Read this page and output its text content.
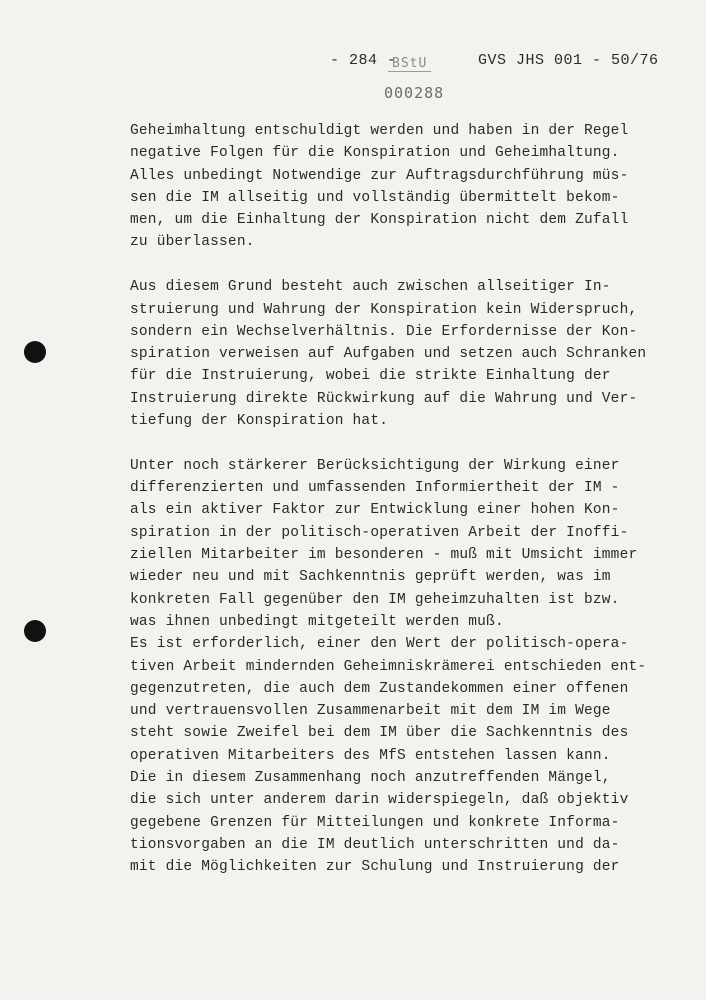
- 284 -
BStU
000288
GVS JHS 001 - 50/76
Geheimhaltung entschuldigt werden und haben in der Regel
negative Folgen für die Konspiration und Geheimhaltung.
Alles unbedingt Notwendige zur Auftragsdurchführung müs-
sen die IM allseitig und vollständig übermittelt bekom-
men, um die Einhaltung der Konspiration nicht dem Zufall
zu überlassen.
Aus diesem Grund besteht auch zwischen allseitiger In-
struierung und Wahrung der Konspiration kein Widerspruch,
sondern ein Wechselverhältnis. Die Erfordernisse der Kon-
spiration verweisen auf Aufgaben und setzen auch Schranken
für die Instruierung, wobei die strikte Einhaltung der
Instruierung direkte Rückwirkung auf die Wahrung und Ver-
tiefung der Konspiration hat.
Unter noch stärkerer Berücksichtigung der Wirkung einer
differenzierten und umfassenden Informiertheit der IM -
als ein aktiver Faktor zur Entwicklung einer hohen Kon-
spiration in der politisch-operativen Arbeit der Inoffi-
ziellen Mitarbeiter im besonderen - muß mit Umsicht immer
wieder neu und mit Sachkenntnis geprüft werden, was im
konkreten Fall gegenüber den IM geheimzuhalten ist bzw.
was ihnen unbedingt mitgeteilt werden muß.
Es ist erforderlich, einer den Wert der politisch-opera-
tiven Arbeit mindernden Geheimniskrämerei entschieden ent-
gegenzutreten, die auch dem Zustandekommen einer offenen
und vertrauensvollen Zusammenarbeit mit dem IM im Wege
steht sowie Zweifel bei dem IM über die Sachkenntnis des
operativen Mitarbeiters des MfS entstehen lassen kann.
Die in diesem Zusammenhang noch anzutreffenden Mängel,
die sich unter anderem darin widerspiegeln, daß objektiv
gegebene Grenzen für Mitteilungen und konkrete Informa-
tionsvorgaben an die IM deutlich unterschritten und da-
mit die Möglichkeiten zur Schulung und Instruierung der
